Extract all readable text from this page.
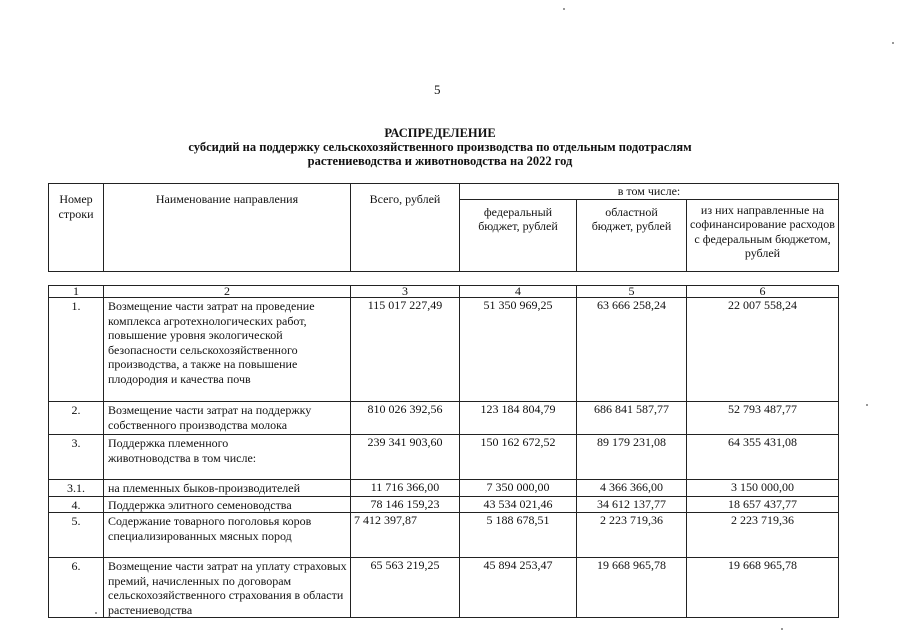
5
РАСПРЕДЕЛЕНИЕ
субсидий на поддержку сельскохозяйственного производства по отдельным подотраслям
растениеводства и животноводства на 2022 год
Номер строки	Наименование направления	Всего, рублей	в том числе:		
			федеральный бюджет, рублей	областной бюджет, рублей	из них направленные на софинансирование расходов с федеральным бюджетом, рублей
1	2	3	4	5	6
1.	Возмещение части затрат на проведение комплекса агротехнологических работ, повышение уровня экологической безопасности сельскохозяйственного производства, а также на повышение плодородия и качества почв	115 017 227,49	51 350 969,25	63 666 258,24	22 007 558,24
2.	Возмещение части затрат на поддержку собственного производства молока	810 026 392,56	123 184 804,79	686 841 587,77	52 793 487,77
3.	Поддержка племенного животноводства в том числе:	239 341 903,60	150 162 672,52	89 179 231,08	64 355 431,08
3.1.	на племенных быков-производителей	11 716 366,00	7 350 000,00	4 366 366,00	3 150 000,00
4.	Поддержка элитного семеноводства	78 146 159,23	43 534 021,46	34 612 137,77	18 657 437,77
5.	Содержание товарного поголовья коров специализированных мясных пород	7 412 397,87	5 188 678,51	2 223 719,36	2 223 719,36
6.	Возмещение части затрат на уплату страховых премий, начисленных по договорам сельскохозяйственного страхования в области растениеводства	65 563 219,25	45 894 253,47	19 668 965,78	19 668 965,78
